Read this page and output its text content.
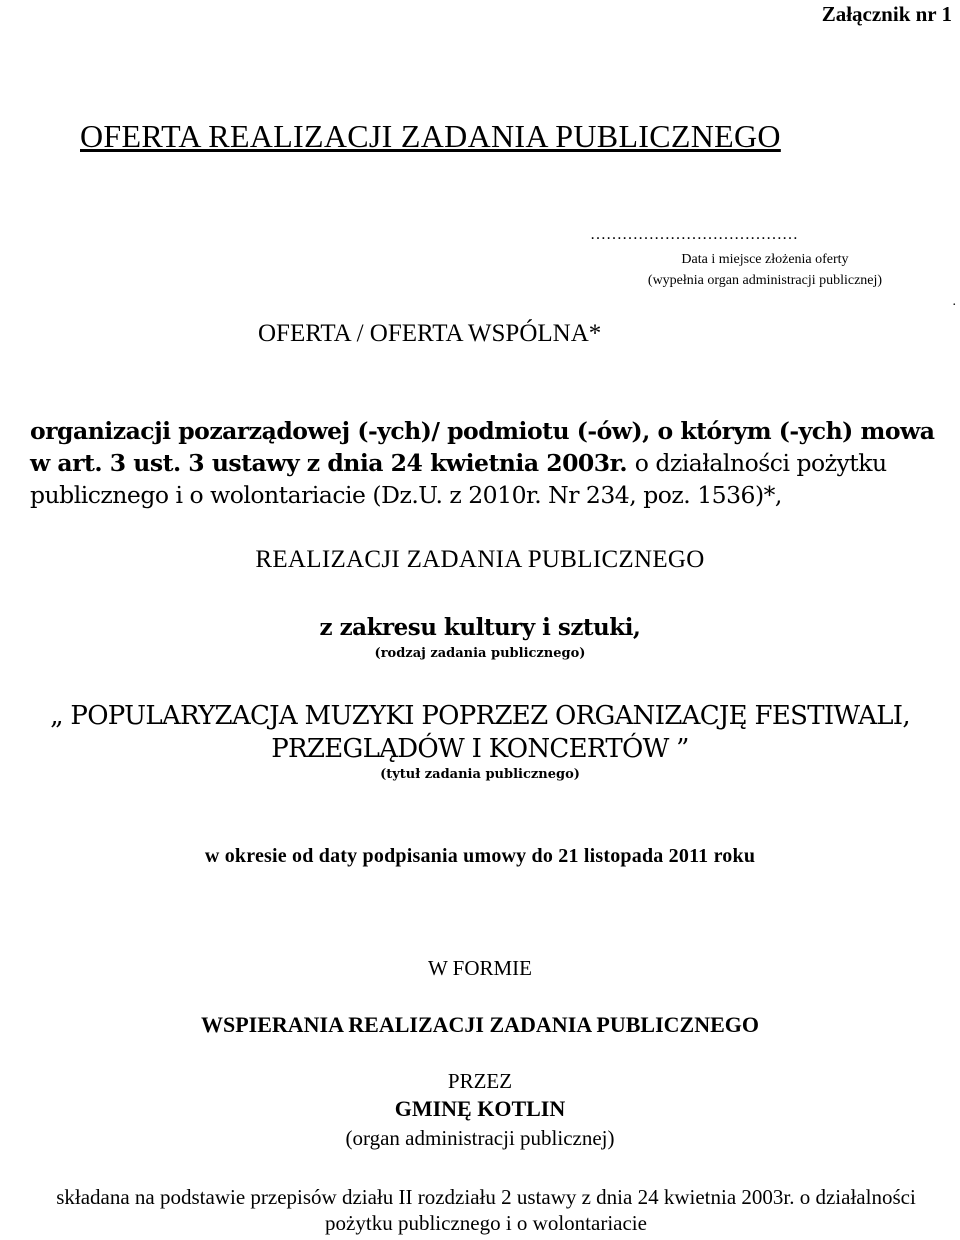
Załącznik nr 1
OFERTA REALIZACJI ZADANIA PUBLICZNEGO
…………………………………
Data i miejsce złożenia oferty
(wypełnia organ administracji publicznej)
.
OFERTA / OFERTA WSPÓLNA*
organizacji pozarządowej (-ych)/ podmiotu (-ów), o którym (-ych) mowa w art. 3 ust. 3 ustawy z dnia 24 kwietnia 2003r. o działalności pożytku publicznego i o wolontariacie (Dz.U. z 2010r. Nr 234, poz. 1536)*,
REALIZACJI ZADANIA PUBLICZNEGO
z zakresu kultury i sztuki,
(rodzaj zadania publicznego)
„ POPULARYZACJA MUZYKI POPRZEZ ORGANIZACJĘ FESTIWALI, PRZEGLĄDÓW I KONCERTÓW ”
(tytuł zadania publicznego)
w okresie od daty podpisania umowy do 21 listopada 2011 roku
W FORMIE
WSPIERANIA REALIZACJI ZADANIA PUBLICZNEGO
PRZEZ
GMINĘ KOTLIN
(organ administracji publicznej)
składana na podstawie przepisów działu II rozdziału 2 ustawy z dnia 24 kwietnia 2003r. o działalności pożytku publicznego i o wolontariacie
